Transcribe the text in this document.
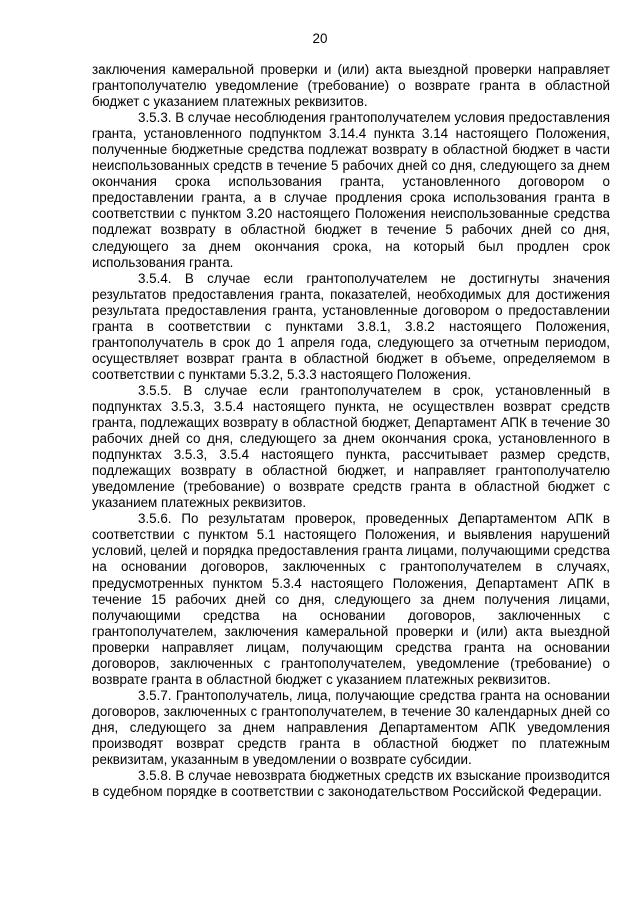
20

заключения камеральной проверки и (или) акта выездной проверки направляет грантополучателю уведомление (требование) о возврате гранта в областной бюджет с указанием платежных реквизитов.

3.5.3. В случае несоблюдения грантополучателем условия предоставления гранта, установленного подпунктом 3.14.4 пункта 3.14 настоящего Положения, полученные бюджетные средства подлежат возврату в областной бюджет в части неиспользованных средств в течение 5 рабочих дней со дня, следующего за днем окончания срока использования гранта, установленного договором о предоставлении гранта, а в случае продления срока использования гранта в соответствии с пунктом 3.20 настоящего Положения неиспользованные средства подлежат возврату в областной бюджет в течение 5 рабочих дней со дня, следующего за днем окончания срока, на который был продлен срок использования гранта.

3.5.4. В случае если грантополучателем не достигнуты значения результатов предоставления гранта, показателей, необходимых для достижения результата предоставления гранта, установленные договором о предоставлении гранта в соответствии с пунктами 3.8.1, 3.8.2 настоящего Положения, грантополучатель в срок до 1 апреля года, следующего за отчетным периодом, осуществляет возврат гранта в областной бюджет в объеме, определяемом в соответствии с пунктами 5.3.2, 5.3.3 настоящего Положения.

3.5.5. В случае если грантополучателем в срок, установленный в подпунктах 3.5.3, 3.5.4 настоящего пункта, не осуществлен возврат средств гранта, подлежащих возврату в областной бюджет, Департамент АПК в течение 30 рабочих дней со дня, следующего за днем окончания срока, установленного в подпунктах 3.5.3, 3.5.4 настоящего пункта, рассчитывает размер средств, подлежащих возврату в областной бюджет, и направляет грантополучателю уведомление (требование) о возврате средств гранта в областной бюджет с указанием платежных реквизитов.

3.5.6. По результатам проверок, проведенных Департаментом АПК в соответствии с пунктом 5.1 настоящего Положения, и выявления нарушений условий, целей и порядка предоставления гранта лицами, получающими средства на основании договоров, заключенных с грантополучателем в случаях, предусмотренных пунктом 5.3.4 настоящего Положения, Департамент АПК в течение 15 рабочих дней со дня, следующего за днем получения лицами, получающими средства на основании договоров, заключенных с грантополучателем, заключения камеральной проверки и (или) акта выездной проверки направляет лицам, получающим средства гранта на основании договоров, заключенных с грантополучателем, уведомление (требование) о возврате гранта в областной бюджет с указанием платежных реквизитов.

3.5.7. Грантополучатель, лица, получающие средства гранта на основании договоров, заключенных с грантополучателем, в течение 30 календарных дней со дня, следующего за днем направления Департаментом АПК уведомления производят возврат средств гранта в областной бюджет по платежным реквизитам, указанным в уведомлении о возврате субсидии.

3.5.8. В случае невозврата бюджетных средств их взыскание производится в судебном порядке в соответствии с законодательством Российской Федерации.
